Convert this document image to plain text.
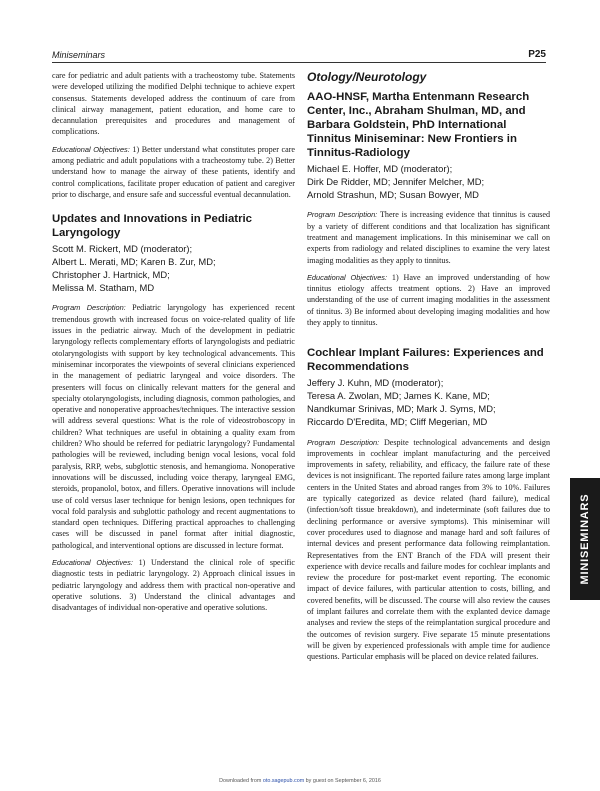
Miniseminars	P25

care for pediatric and adult patients with a tracheostomy tube. Statements were developed utilizing the modified Delphi technique to achieve expert consensus. Statements developed address the continuum of care from clinical airway management, patient education, and home care to decannulation prerequisites and procedures and management of complications.

Educational Objectives: 1) Better understand what constitutes proper care among pediatric and adult populations with a tracheostomy tube. 2) Better understand how to manage the airway of these patients, identify and control complications, facilitate proper education of patient and caregiver prior to discharge, and ensure safe and successful eventual decannulation.

Updates and Innovations in Pediatric Laryngology
Scott M. Rickert, MD (moderator);
Albert L. Merati, MD; Karen B. Zur, MD;
Christopher J. Hartnick, MD;
Melissa M. Statham, MD

Program Description: Pediatric laryngology has experienced recent tremendous growth with increased focus on voice-related quality of life issues in the pediatric airway. Much of the development in pediatric laryngology reflects complementary efforts of laryngologists and pediatric otolaryngologists with support by key technological advancements. This miniseminar incorporates the viewpoints of several clinicians experienced in the management of pediatric laryngeal and voice disorders. The presenters will focus on clinically relevant matters for the general and specialty otolaryngologists, including diagnosis, common pathologies, and operative and nonoperative approaches/techniques. The interactive session will address several questions: What is the role of videostroboscopy in children? What techniques are useful in obtaining a quality exam from children? Who should be referred for pediatric laryngology? Fundamental pathologies will be reviewed, including benign vocal lesions, vocal fold paralysis, RRP, webs, subglottic stenosis, and hemangioma. Nonoperative innovations will be discussed, including voice therapy, laryngeal EMG, steroids, propanolol, botox, and fillers. Operative innovations will include use of cold versus laser technique for benign lesions, open techniques for vocal fold paralysis and subglottic pathology and recent augmentations to standard open techniques. Differing practical approaches to challenging cases will be discussed in panel format after initial diagnostic, pathological, and interventional options are discussed in lecture format.

Educational Objectives: 1) Understand the clinical role of specific diagnostic tests in pediatric laryngology. 2) Approach clinical issues in pediatric laryngology and address them with practical non-operative and operative solutions. 3) Understand the clinical advantages and disadvantages of individual non-operative and operative solutions.

Otology/Neurotology
AAO-HNSF, Martha Entenmann Research Center, Inc., Abraham Shulman, MD, and Barbara Goldstein, PhD International Tinnitus Miniseminar: New Frontiers in Tinnitus-Radiology
Michael E. Hoffer, MD (moderator);
Dirk De Ridder, MD; Jennifer Melcher, MD;
Arnold Strashun, MD; Susan Bowyer, MD

Program Description: There is increasing evidence that tinnitus is caused by a variety of different conditions and that localization has significant treatment and management implications. In this miniseminar we call on experts from radiology and related disciplines to examine the very latest imaging modalities as they apply to tinnitus.

Educational Objectives: 1) Have an improved understanding of how tinnitus etiology affects treatment options. 2) Have an improved understanding of the use of current imaging modalities in the assessment of tinnitus. 3) Be informed about developing imaging modalities and how they apply to tinnitus.

Cochlear Implant Failures: Experiences and Recommendations
Jeffery J. Kuhn, MD (moderator);
Teresa A. Zwolan, MD; James K. Kane, MD;
Nandkumar Srinivas, MD; Mark J. Syms, MD;
Riccardo D'Eredita, MD; Cliff Megerian, MD

Program Description: Despite technological advancements and design improvements in cochlear implant manufacturing and the perceived improvements in safety, reliability, and efficacy, the failure rate of these devices is not insignificant. The reported failure rates among large implant centers in the United States and abroad ranges from 3% to 10%. Failures are typically categorized as device related (hard failure), medical (infection/soft tissue breakdown), and indeterminate (soft failures due to declining performance or aversive symptoms). This miniseminar will cover procedures used to diagnose and manage hard and soft failures of internal devices and present performance data following reimplantation. Representatives from the ENT Branch of the FDA will present their experience with device recalls and failure modes for cochlear implants and review the procedure for post-market event reporting. The economic impact of device failures, with particular attention to costs, billing, and covered benefits, will be discussed. The course will also review the causes of implant failures and correlate them with the explanted device damage analyses and review the steps of the reimplantation surgical procedure and the outcomes of revision surgery. Five separate 15 minute presentations will be given by experienced professionals with ample time for audience questions. Particular emphasis will be placed on device related failures.

MINISEMINARS
Downloaded from oto.sagepub.com by guest on September 6, 2016
